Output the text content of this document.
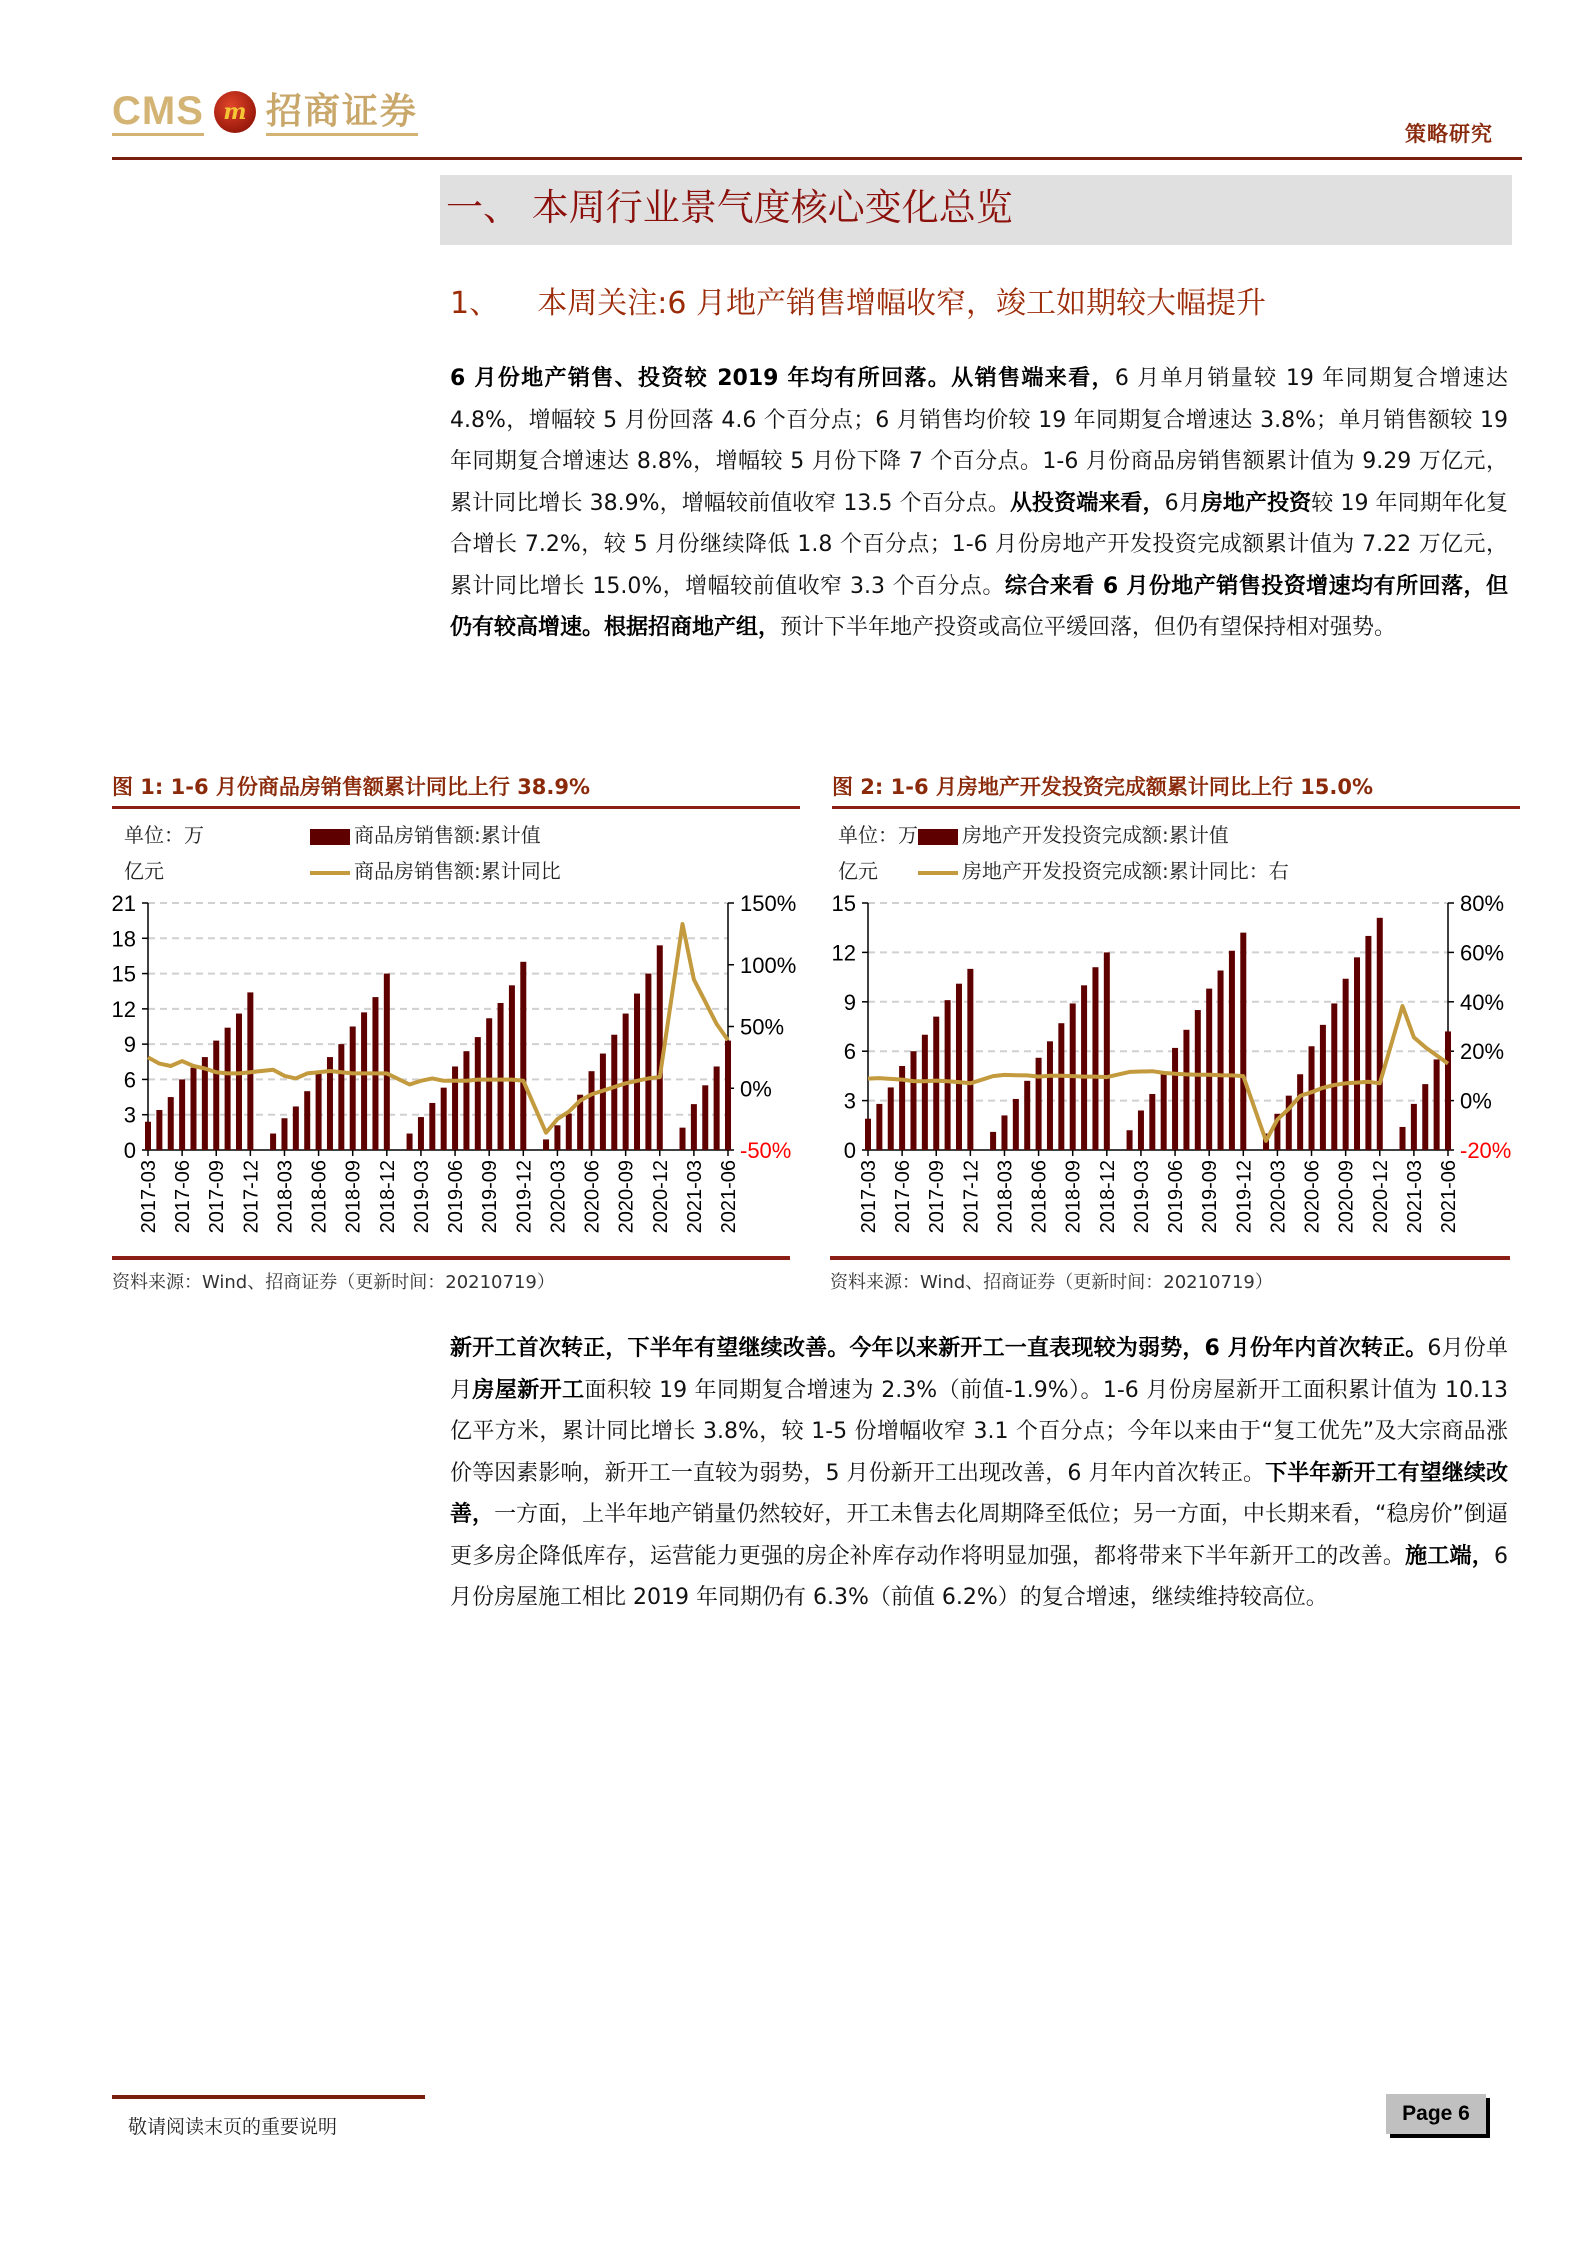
CMS m 招商证券
策略研究
一、 本周行业景气度核心变化总览
1、    本周关注:6 月地产销售增幅收窄，竣工如期较大幅提升
6 月份地产销售、投资较 2019 年均有所回落。从销售端来看，6 月单月销量较 19 年同期复合增速达 4.8%，增幅较 5 月份回落 4.6 个百分点；6 月销售均价较 19 年同期复合增速达 3.8%；单月销售额较 19 年同期复合增速达 8.8%，增幅较 5 月份下降 7 个百分点。1-6 月份商品房销售额累计值为 9.29 万亿元，累计同比增长 38.9%，增幅较前值收窄 13.5 个百分点。从投资端来看，6月房地产投资较 19 年同期年化复合增长 7.2%，较 5 月份继续降低 1.8 个百分点；1-6 月份房地产开发投资完成额累计值为 7.22 万亿元，累计同比增长 15.0%，增幅较前值收窄 3.3 个百分点。综合来看 6 月份地产销售投资增速均有所回落，但仍有较高增速。根据招商地产组，预计下半年地产投资或高位平缓回落，但仍有望保持相对强势。
图 1: 1-6 月份商品房销售额累计同比上行 38.9%
单位：万
亿元
商品房销售额:累计值
商品房销售额:累计同比
0
3
6
9
12
15
18
21
-50%
0%
50%
100%
150%
2017-03 2017-06 2017-09 2017-12 2018-03 2018-06 2018-09 2018-12 2019-03 2019-06 2019-09 2019-12 2020-03 2020-06 2020-09 2020-12 2021-03 2021-06
资料来源：Wind、招商证券（更新时间：20210719）
图 2: 1-6 月房地产开发投资完成额累计同比上行 15.0%
单位：万
亿元
房地产开发投资完成额:累计值
房地产开发投资完成额:累计同比：右
0
3
6
9
12
15
-20%
0%
20%
40%
60%
80%
2017-03 2017-06 2017-09 2017-12 2018-03 2018-06 2018-09 2018-12 2019-03 2019-06 2019-09 2019-12 2020-03 2020-06 2020-09 2020-12 2021-03 2021-06
资料来源：Wind、招商证券（更新时间：20210719）
新开工首次转正，下半年有望继续改善。今年以来新开工一直表现较为弱势，6 月份年内首次转正。6月份单月房屋新开工面积较 19 年同期复合增速为 2.3%（前值-1.9%）。1-6 月份房屋新开工面积累计值为 10.13 亿平方米，累计同比增长 3.8%，较 1-5 份增幅收窄 3.1 个百分点；今年以来由于“复工优先”及大宗商品涨价等因素影响，新开工一直较为弱势，5 月份新开工出现改善，6 月年内首次转正。下半年新开工有望继续改善，一方面，上半年地产销量仍然较好，开工未售去化周期降至低位；另一方面，中长期来看，“稳房价”倒逼更多房企降低库存，运营能力更强的房企补库存动作将明显加强，都将带来下半年新开工的改善。施工端，6 月份房屋施工相比 2019 年同期仍有 6.3%（前值 6.2%）的复合增速，继续维持较高位。
敬请阅读末页的重要说明
Page 6
